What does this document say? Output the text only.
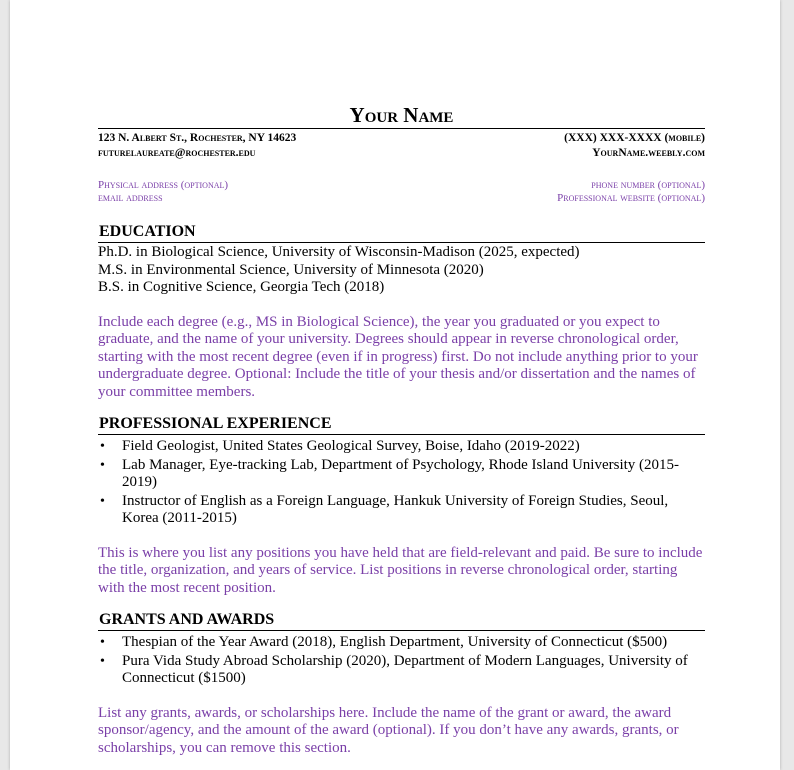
Your Name
123 N. Albert St., Rochester, NY 14623
futurelaureate@rochester.edu
(XXX) XXX-XXXX (mobile)
YourName.weebly.com
Physical address (optional)
email address
phone number (optional)
Professional website (optional)
EDUCATION
Ph.D. in Biological Science, University of Wisconsin-Madison (2025, expected)
M.S. in Environmental Science, University of Minnesota (2020)
B.S. in Cognitive Science, Georgia Tech (2018)
Include each degree (e.g., MS in Biological Science), the year you graduated or you expect to graduate, and the name of your university. Degrees should appear in reverse chronological order, starting with the most recent degree (even if in progress) first. Do not include anything prior to your undergraduate degree. Optional: Include the title of your thesis and/or dissertation and the names of your committee members.
PROFESSIONAL EXPERIENCE
• Field Geologist, United States Geological Survey, Boise, Idaho (2019-2022)
• Lab Manager, Eye-tracking Lab, Department of Psychology, Rhode Island University (2015-2019)
• Instructor of English as a Foreign Language, Hankuk University of Foreign Studies, Seoul, Korea (2011-2015)
This is where you list any positions you have held that are field-relevant and paid. Be sure to include the title, organization, and years of service. List positions in reverse chronological order, starting with the most recent position.
GRANTS AND AWARDS
• Thespian of the Year Award (2018), English Department, University of Connecticut ($500)
• Pura Vida Study Abroad Scholarship (2020), Department of Modern Languages, University of Connecticut ($1500)
List any grants, awards, or scholarships here. Include the name of the grant or award, the award sponsor/agency, and the amount of the award (optional). If you don’t have any awards, grants, or scholarships, you can remove this section.
